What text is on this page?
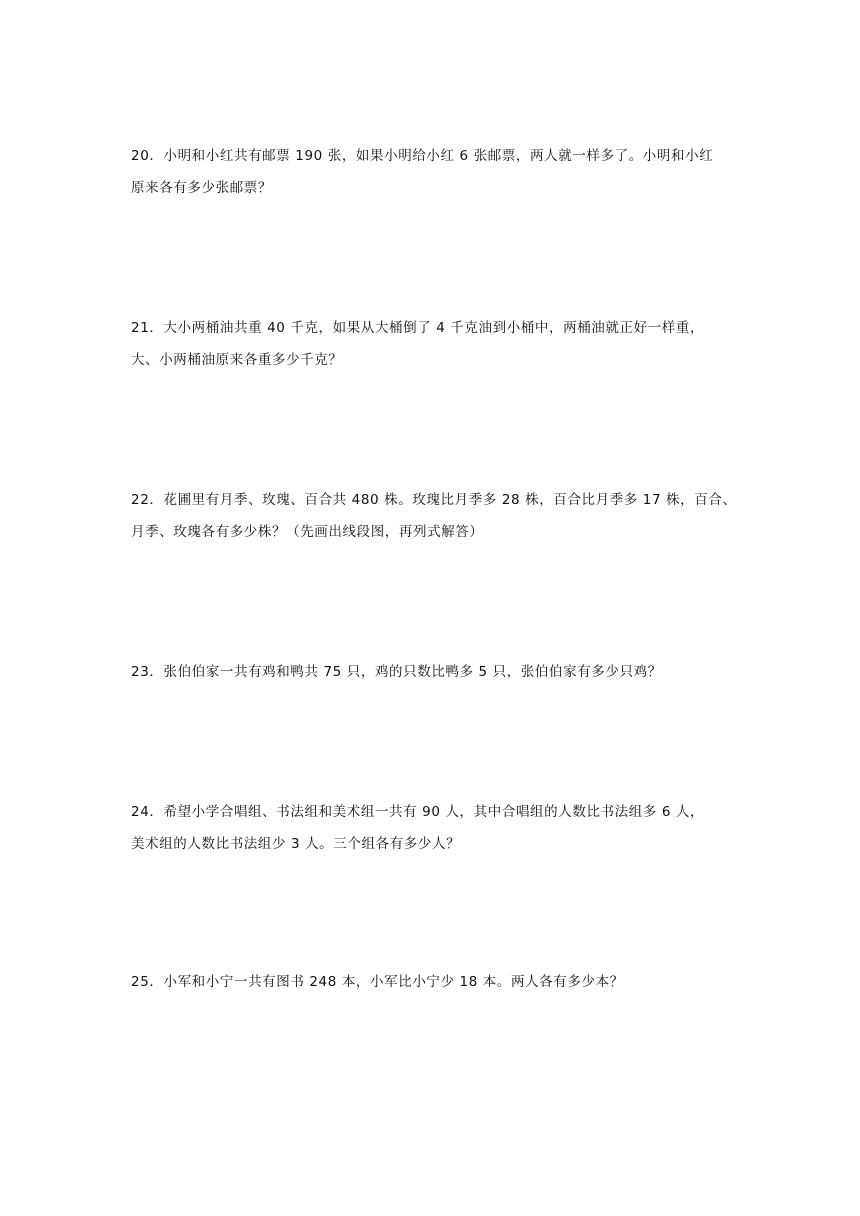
20．小明和小红共有邮票 190 张，如果小明给小红 6 张邮票，两人就一样多了。小明和小红
原来各有多少张邮票？

21．大小两桶油共重 40 千克，如果从大桶倒了 4 千克油到小桶中，两桶油就正好一样重，
大、小两桶油原来各重多少千克？

22．花圃里有月季、玫瑰、百合共 480 株。玫瑰比月季多 28 株，百合比月季多 17 株，百合、
月季、玫瑰各有多少株？（先画出线段图，再列式解答）

23．张伯伯家一共有鸡和鸭共 75 只，鸡的只数比鸭多 5 只，张伯伯家有多少只鸡？

24．希望小学合唱组、书法组和美术组一共有 90 人，其中合唱组的人数比书法组多 6 人，
美术组的人数比书法组少 3 人。三个组各有多少人？

25．小军和小宁一共有图书 248 本，小军比小宁少 18 本。两人各有多少本？
